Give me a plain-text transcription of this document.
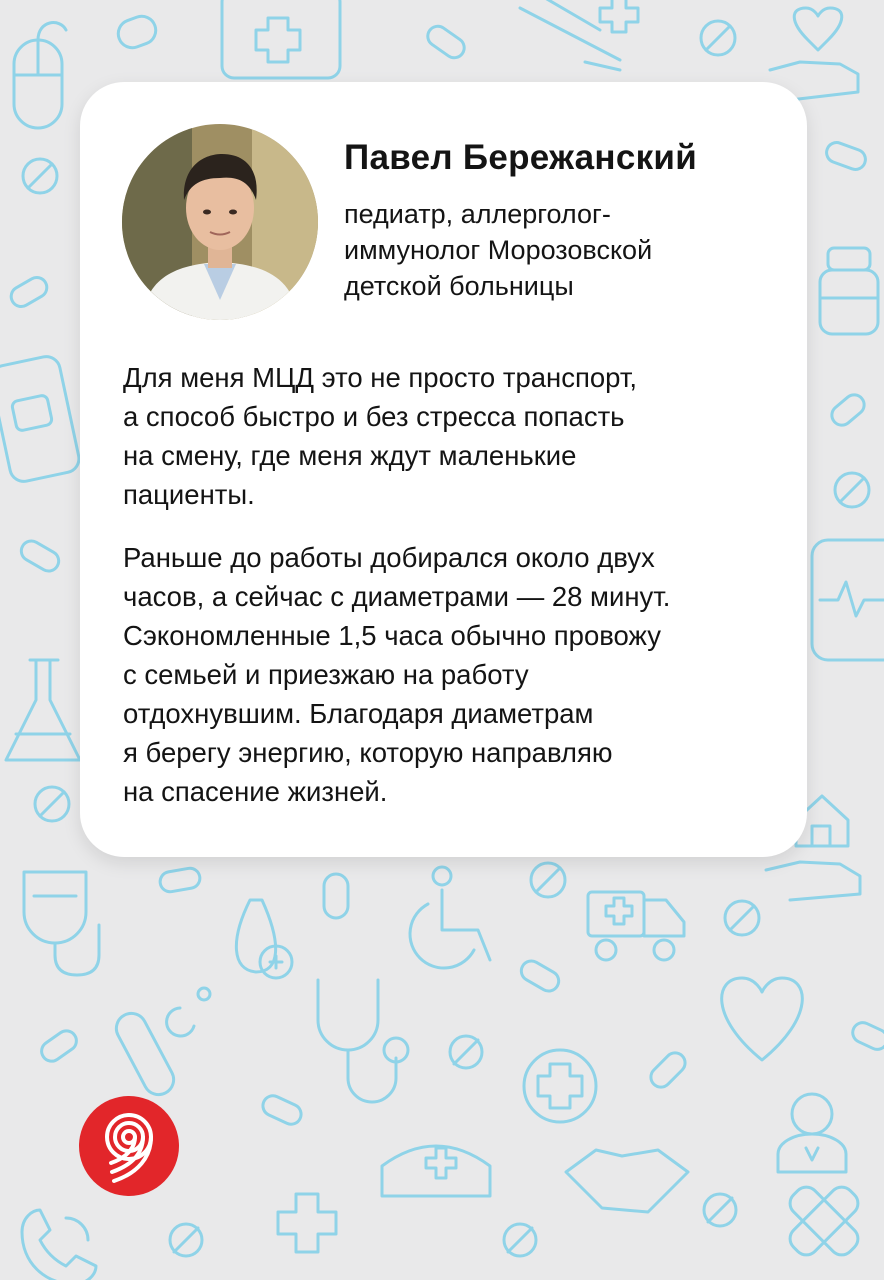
Павел Бережанский

педиатр, аллерголог-
иммунолог Морозовской
детской больницы

Для меня МЦД это не просто транспорт,
а способ быстро и без стресса попасть
на смену, где меня ждут маленькие
пациенты.

Раньше до работы добирался около двух
часов, а сейчас с диаметрами — 28 минут.
Сэкономленные 1,5 часа обычно провожу
с семьей и приезжаю на работу
отдохнувшим. Благодаря диаметрам
я берегу энергию, которую направляю
на спасение жизней.
